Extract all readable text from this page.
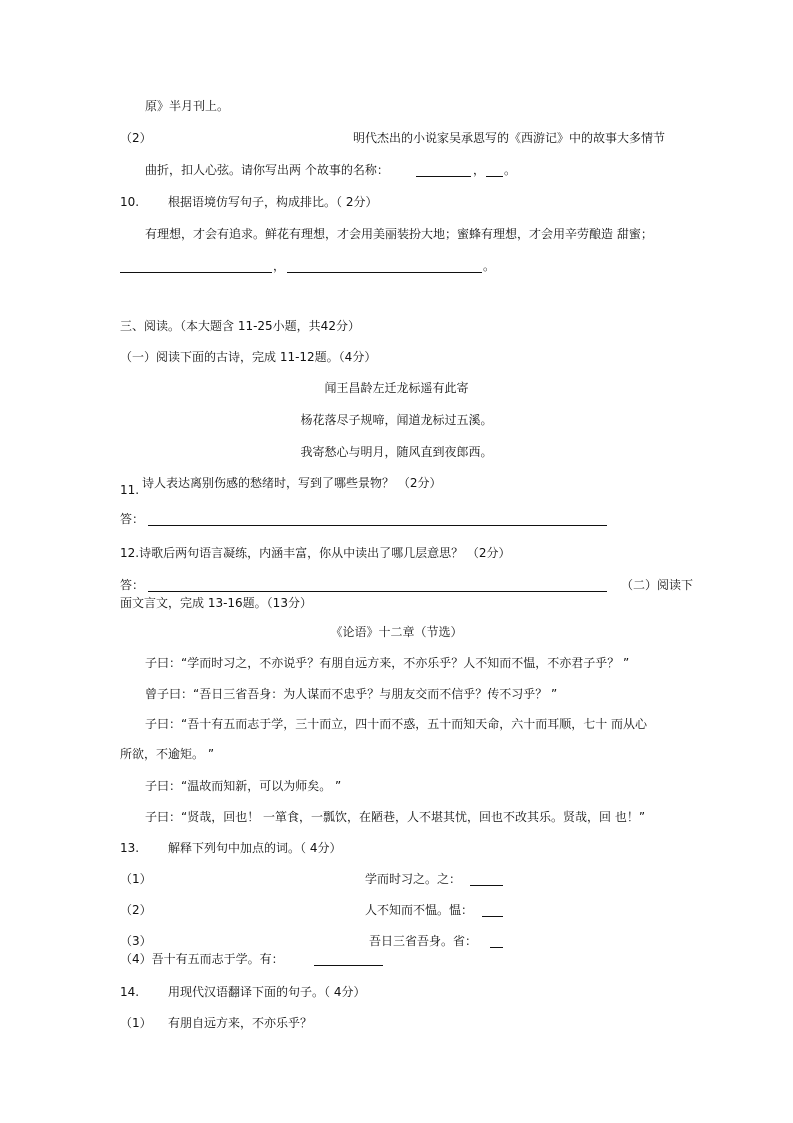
原》半月刊上。
（2）	明代杰出的小说家吴承恩写的《西游记》中的故事大多情节
曲折，扣人心弦。请你写出两 个故事的名称：	， 。
10. 根据语境仿写句子，构成排比。（ 2分）
有理想，才会有追求。鲜花有理想，才会用美丽装扮大地；蜜蜂有理想，才会用辛劳酿造 甜蜜；
，	。
三、阅读。（本大题含 11-25小题，共42分）
（一）阅读下面的古诗，完成 11-12题。（4分）
闻王昌龄左迁龙标遥有此寄
杨花落尽子规啼，闻道龙标过五溪。
我寄愁心与明月，随风直到夜郎西。
11. 诗人表达离别伤感的愁绪时，写到了哪些景物？ （2分）
答：
12.诗歌后两句语言凝练，内涵丰富，你从中读出了哪几层意思？ （2分）
答：	（二）阅读下
面文言文，完成 13-16题。（13分）
《论语》十二章（节选）
子曰：“学而时习之，不亦说乎？有朋自远方来，不亦乐乎？人不知而不愠，不亦君子乎？ ”
曾子曰：“吾日三省吾身：为人谋而不忠乎？与朋友交而不信乎？传不习乎？ ”
子曰：“吾十有五而志于学，三十而立，四十而不惑，五十而知天命，六十而耳顺，七十 而从心
所欲，不逾矩。 ”
子曰：“温故而知新，可以为师矣。 ”
子曰：“贤哉，回也！ 一箪食，一瓢饮，在陋巷，人不堪其忧，回也不改其乐。贤哉，回 也！”
13. 解释下列句中加点的词。（ 4分）
（1）	学而时习之。之：
（2）	人不知而不愠。愠：
（3）	吾日三省吾身。省：
（4）吾十有五而志于学。有：
14. 用现代汉语翻译下面的句子。（ 4分）
（1） 有朋自远方来，不亦乐乎？
